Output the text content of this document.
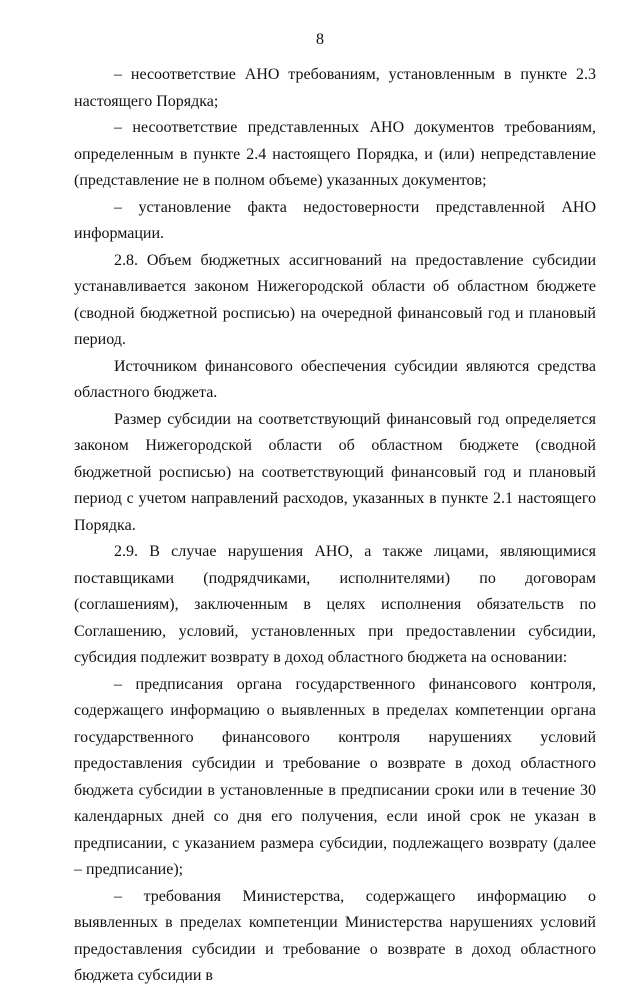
8

– несоответствие АНО требованиям, установленным в пункте 2.3 настоящего Порядка;

– несоответствие представленных АНО документов требованиям, определенным в пункте 2.4 настоящего Порядка, и (или) непредставление (представление не в полном объеме) указанных документов;

– установление факта недостоверности представленной АНО информации.

2.8. Объем бюджетных ассигнований на предоставление субсидии устанавливается законом Нижегородской области об областном бюджете (сводной бюджетной росписью) на очередной финансовый год и плановый период.

Источником финансового обеспечения субсидии являются средства областного бюджета.

Размер субсидии на соответствующий финансовый год определяется законом Нижегородской области об областном бюджете (сводной бюджетной росписью) на соответствующий финансовый год и плановый период с учетом направлений расходов, указанных в пункте 2.1 настоящего Порядка.

2.9. В случае нарушения АНО, а также лицами, являющимися поставщиками (подрядчиками, исполнителями) по договорам (соглашениям), заключенным в целях исполнения обязательств по Соглашению, условий, установленных при предоставлении субсидии, субсидия подлежит возврату в доход областного бюджета на основании:

– предписания органа государственного финансового контроля, содержащего информацию о выявленных в пределах компетенции органа государственного финансового контроля нарушениях условий предоставления субсидии и требование о возврате в доход областного бюджета субсидии в установленные в предписании сроки или в течение 30 календарных дней со дня его получения, если иной срок не указан в предписании, с указанием размера субсидии, подлежащего возврату (далее – предписание);

– требования Министерства, содержащего информацию о выявленных в пределах компетенции Министерства нарушениях условий предоставления субсидии и требование о возврате в доход областного бюджета субсидии в
